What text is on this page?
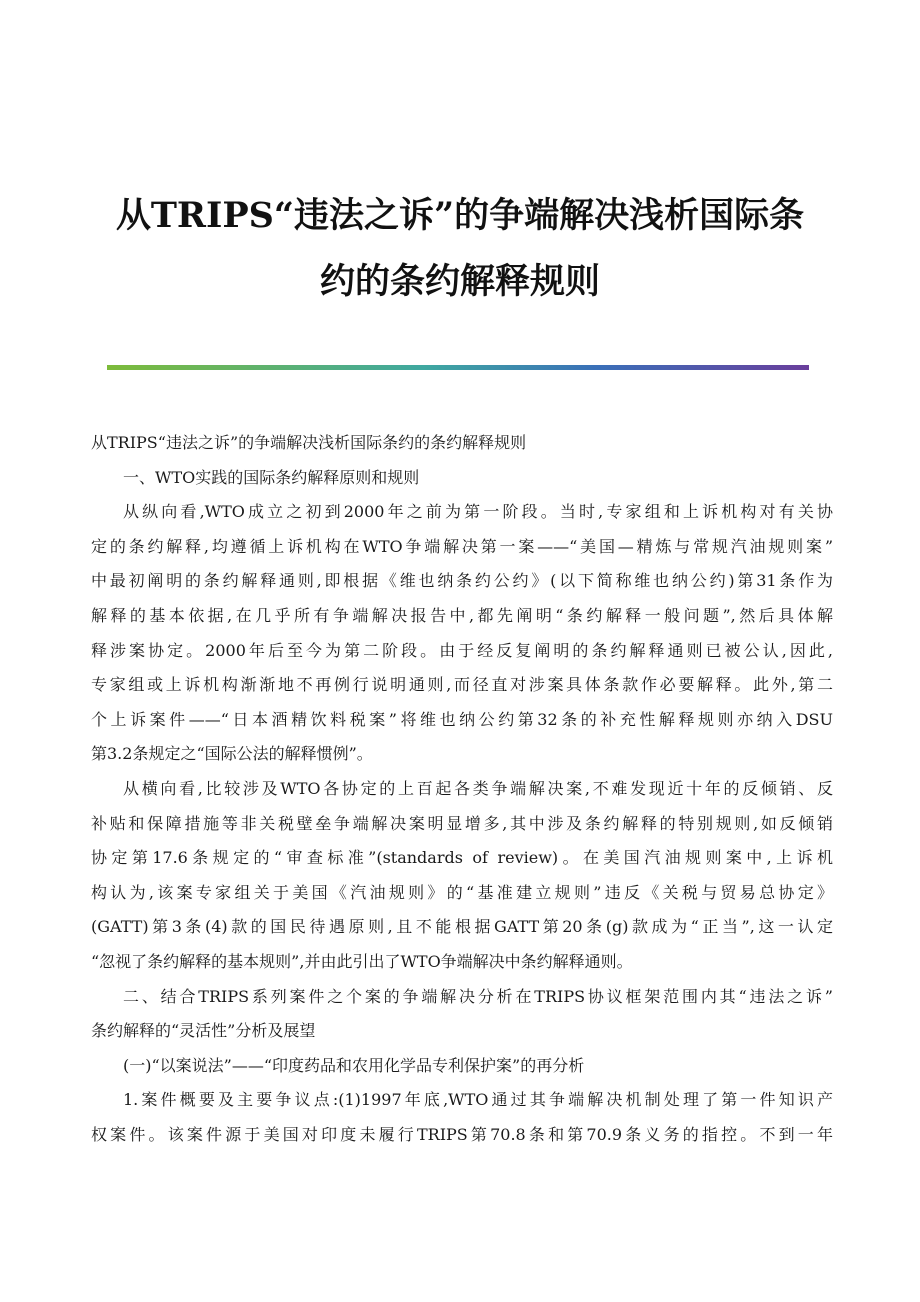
从TRIPS“违法之诉”的争端解决浅析国际条
约的条约解释规则
从TRIPS“违法之诉”的争端解决浅析国际条约的条约解释规则
一、WTO实践的国际条约解释原则和规则
从纵向看,WTO成立之初到2000年之前为第一阶段。当时,专家组和上诉机构对有关协
定的条约解释,均遵循上诉机构在WTO争端解决第一案——“美国—精炼与常规汽油规则案”
中最初阐明的条约解释通则,即根据《维也纳条约公约》(以下简称维也纳公约)第31条作为
解释的基本依据,在几乎所有争端解决报告中,都先阐明“条约解释一般问题”,然后具体解
释涉案协定。2000年后至今为第二阶段。由于经反复阐明的条约解释通则已被公认,因此,
专家组或上诉机构渐渐地不再例行说明通则,而径直对涉案具体条款作必要解释。此外,第二
个上诉案件——“日本酒精饮料税案”将维也纳公约第32条的补充性解释规则亦纳入DSU
第3.2条规定之“国际公法的解释惯例”。
从横向看,比较涉及WTO各协定的上百起各类争端解决案,不难发现近十年的反倾销、反
补贴和保障措施等非关税壁垒争端解决案明显增多,其中涉及条约解释的特别规则,如反倾销
协定第17.6条规定的“审查标准”(standards of review)。在美国汽油规则案中,上诉机
构认为,该案专家组关于美国《汽油规则》的“基准建立规则”违反《关税与贸易总协定》
(GATT)第3条(4)款的国民待遇原则,且不能根据GATT第20条(g)款成为“正当”,这一认定
“忽视了条约解释的基本规则”,并由此引出了WTO争端解决中条约解释通则。
二、结合TRIPS系列案件之个案的争端解决分析在TRIPS协议框架范围内其“违法之诉”
条约解释的“灵活性”分析及展望
(一)“以案说法”——“印度药品和农用化学品专利保护案”的再分析
1.案件概要及主要争议点:(1)1997年底,WTO通过其争端解决机制处理了第一件知识产
权案件。该案件源于美国对印度未履行TRIPS第70.8条和第70.9条义务的指控。不到一年
